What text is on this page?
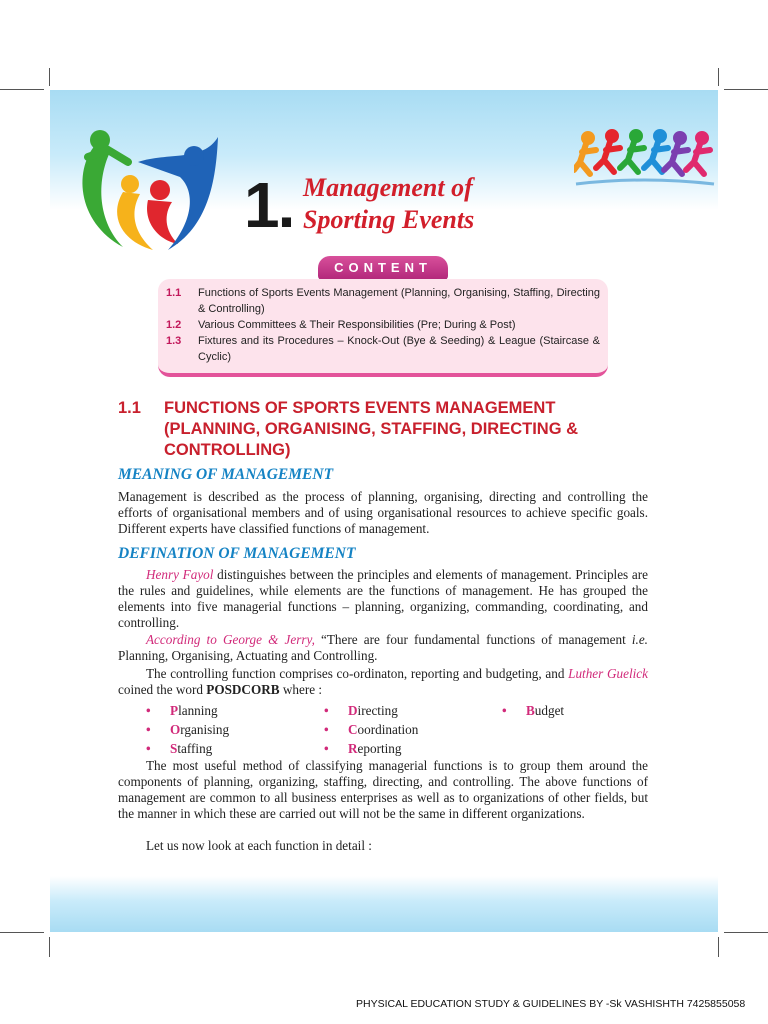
1. Management of
Sporting Events
CONTENT
1.1	Functions of Sports Events Management (Planning, Organising, Staffing, Directing & Controlling)
1.2	Various Committees & Their Responsibilities (Pre; During & Post)
1.3	Fixtures and its Procedures – Knock-Out (Bye & Seeding) & League (Staircase & Cyclic)
1.1 FUNCTIONS OF SPORTS EVENTS MANAGEMENT
(PLANNING, ORGANISING, STAFFING, DIRECTING &
CONTROLLING)
MEANING OF MANAGEMENT
Management is described as the process of planning, organising, directing and controlling the efforts of organisational members and of using organisational resources to achieve specific goals. Different experts have classified functions of management.
DEFINATION OF MANAGEMENT
Henry Fayol distinguishes between the principles and elements of management. Principles are the rules and guidelines, while elements are the functions of management. He has grouped the elements into five managerial functions – planning, organizing, commanding, coordinating, and controlling.
According to George & Jerry, “There are four fundamental functions of management i.e. Planning, Organising, Actuating and Controlling.
The controlling function comprises co-ordinaton, reporting and budgeting, and Luther Guelick coined the word POSDCORB where :
• Planning
• Organising
• Staffing
• Directing
• Coordination
• Reporting
• Budget
The most useful method of classifying managerial functions is to group them around the components of planning, organizing, staffing, directing, and controlling. The above functions of management are common to all business enterprises as well as to organizations of other fields, but the manner in which these are carried out will not be the same in different organizations.
Let us now look at each function in detail :
PHYSICAL EDUCATION STUDY & GUIDELINES BY -Sk VASHISHTH 7425855058
